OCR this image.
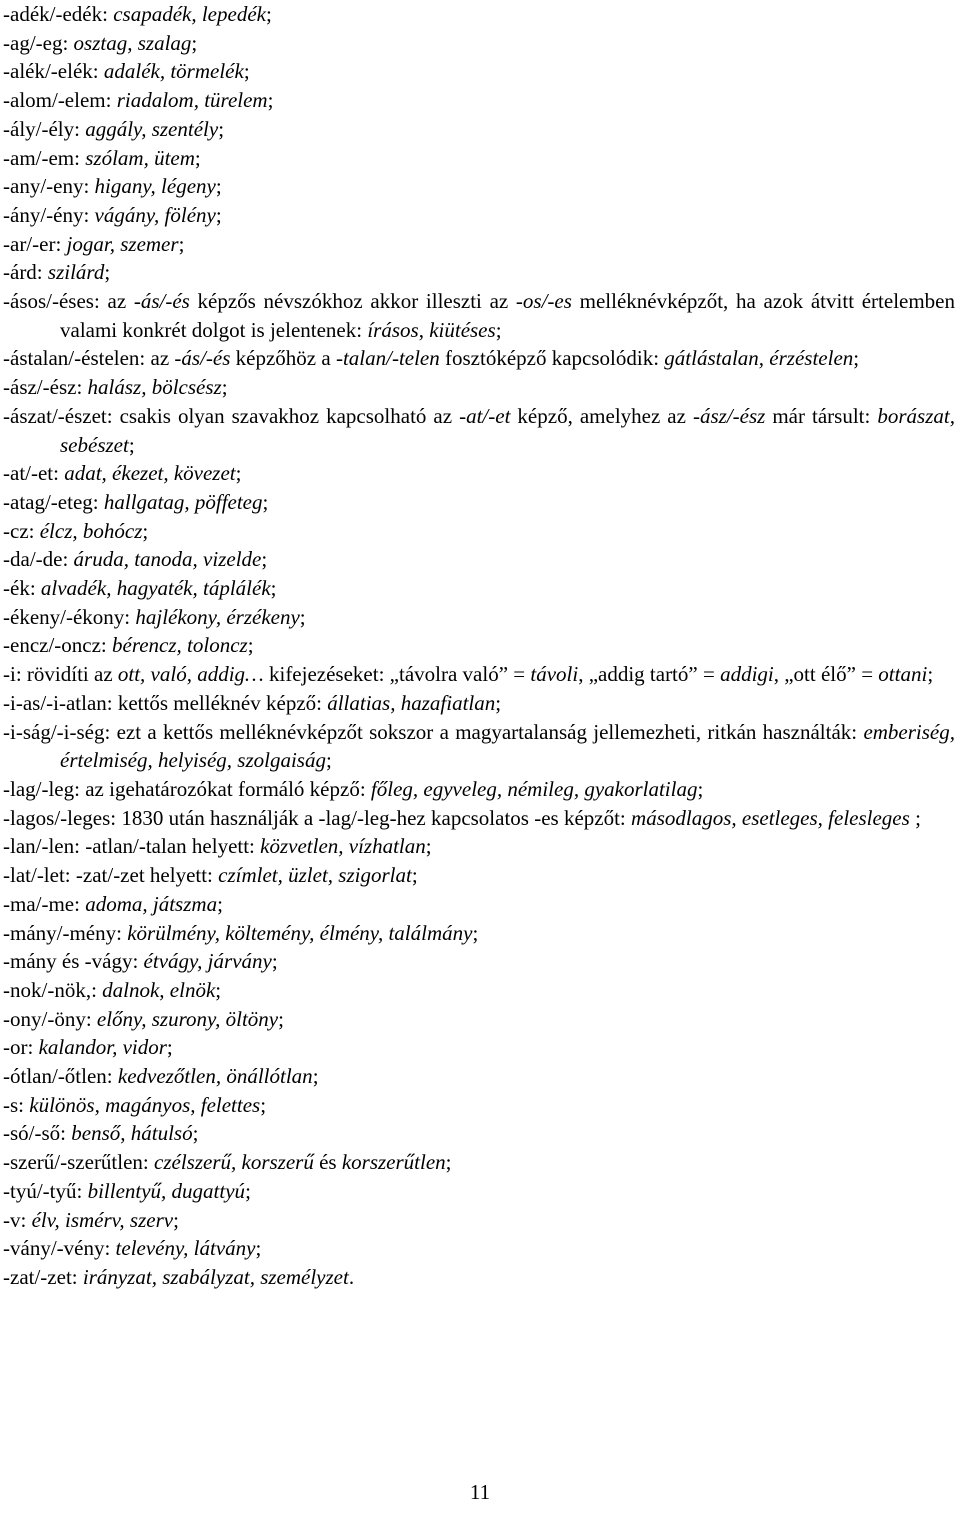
-adék/-edék: csapadék, lepedék;
-ag/-eg: osztag, szalag;
-alék/-elék: adalék, törmelék;
-alom/-elem: riadalom, türelem;
-ály/-ély: aggály, szentély;
-am/-em: szólam, ütem;
-any/-eny: higany, légeny;
-ány/-ény: vágány, fölény;
-ar/-er: jogar, szemer;
-árd: szilárd;
-ásos/-éses: az -ás/-és képzős névszókhoz akkor illeszti az -os/-es melléknévképzőt, ha azok átvitt értelemben valami konkrét dolgot is jelentenek: írásos, kiütéses;
-ástalan/-éstelen: az -ás/-és képzőhöz a -talan/-telen fosztóképző kapcsolódik: gátlástalan, érzéstelen;
-ász/-ész: halász, bölcsész;
-ászat/-észet: csakis olyan szavakhoz kapcsolható az -at/-et képző, amelyhez az -ász/-ész már társult: borászat, sebészet;
-at/-et: adat, ékezet, kövezet;
-atag/-eteg: hallgatag, pöffeteg;
-cz: élcz, bohócz;
-da/-de: áruda, tanoda, vizelde;
-ék: alvadék, hagyaték, táplálék;
-ékeny/-ékony: hajlékony, érzékeny;
-encz/-oncz: bérencz, toloncz;
-i: rövidíti az ott, való, addig… kifejezéseket: „távolra való” = távoli, „addig tartó” = addigi, „ott élő” = ottani;
-i-as/-i-atlan: kettős melléknév képző: állatias, hazafiatlan;
-i-ság/-i-ség: ezt a kettős melléknévképzőt sokszor a magyartalanság jellemezheti, ritkán használták: emberiség, értelmiség, helyiség, szolgaiság;
-lag/-leg: az igehatározókat formáló képző: főleg, egyveleg, némileg, gyakorlatilag;
-lagos/-leges: 1830 után használják a -lag/-leg-hez kapcsolatos -es képzőt: másodlagos, esetleges, felesleges ;
-lan/-len: -atlan/-talan helyett: közvetlen, vízhatlan;
-lat/-let: -zat/-zet helyett: czímlet, üzlet, szigorlat;
-ma/-me: adoma, játszma;
-mány/-mény: körülmény, költemény, élmény, találmány;
-mány és -vágy: étvágy, járvány;
-nok/-nök,: dalnok, elnök;
-ony/-öny: előny, szurony, öltöny;
-or: kalandor, vidor;
-ótlan/-őtlen: kedvezőtlen, önállótlan;
-s: különös, magányos, felettes;
-só/-ső: benső, hátulsó;
-szerű/-szerűtlen: czélszerű, korszerű és korszerűtlen;
-tyú/-tyű: billentyű, dugattyú;
-v: élv, ismérv, szerv;
-vány/-vény: televény, látvány;
-zat/-zet: irányzat, szabályzat, személyzet.
11
